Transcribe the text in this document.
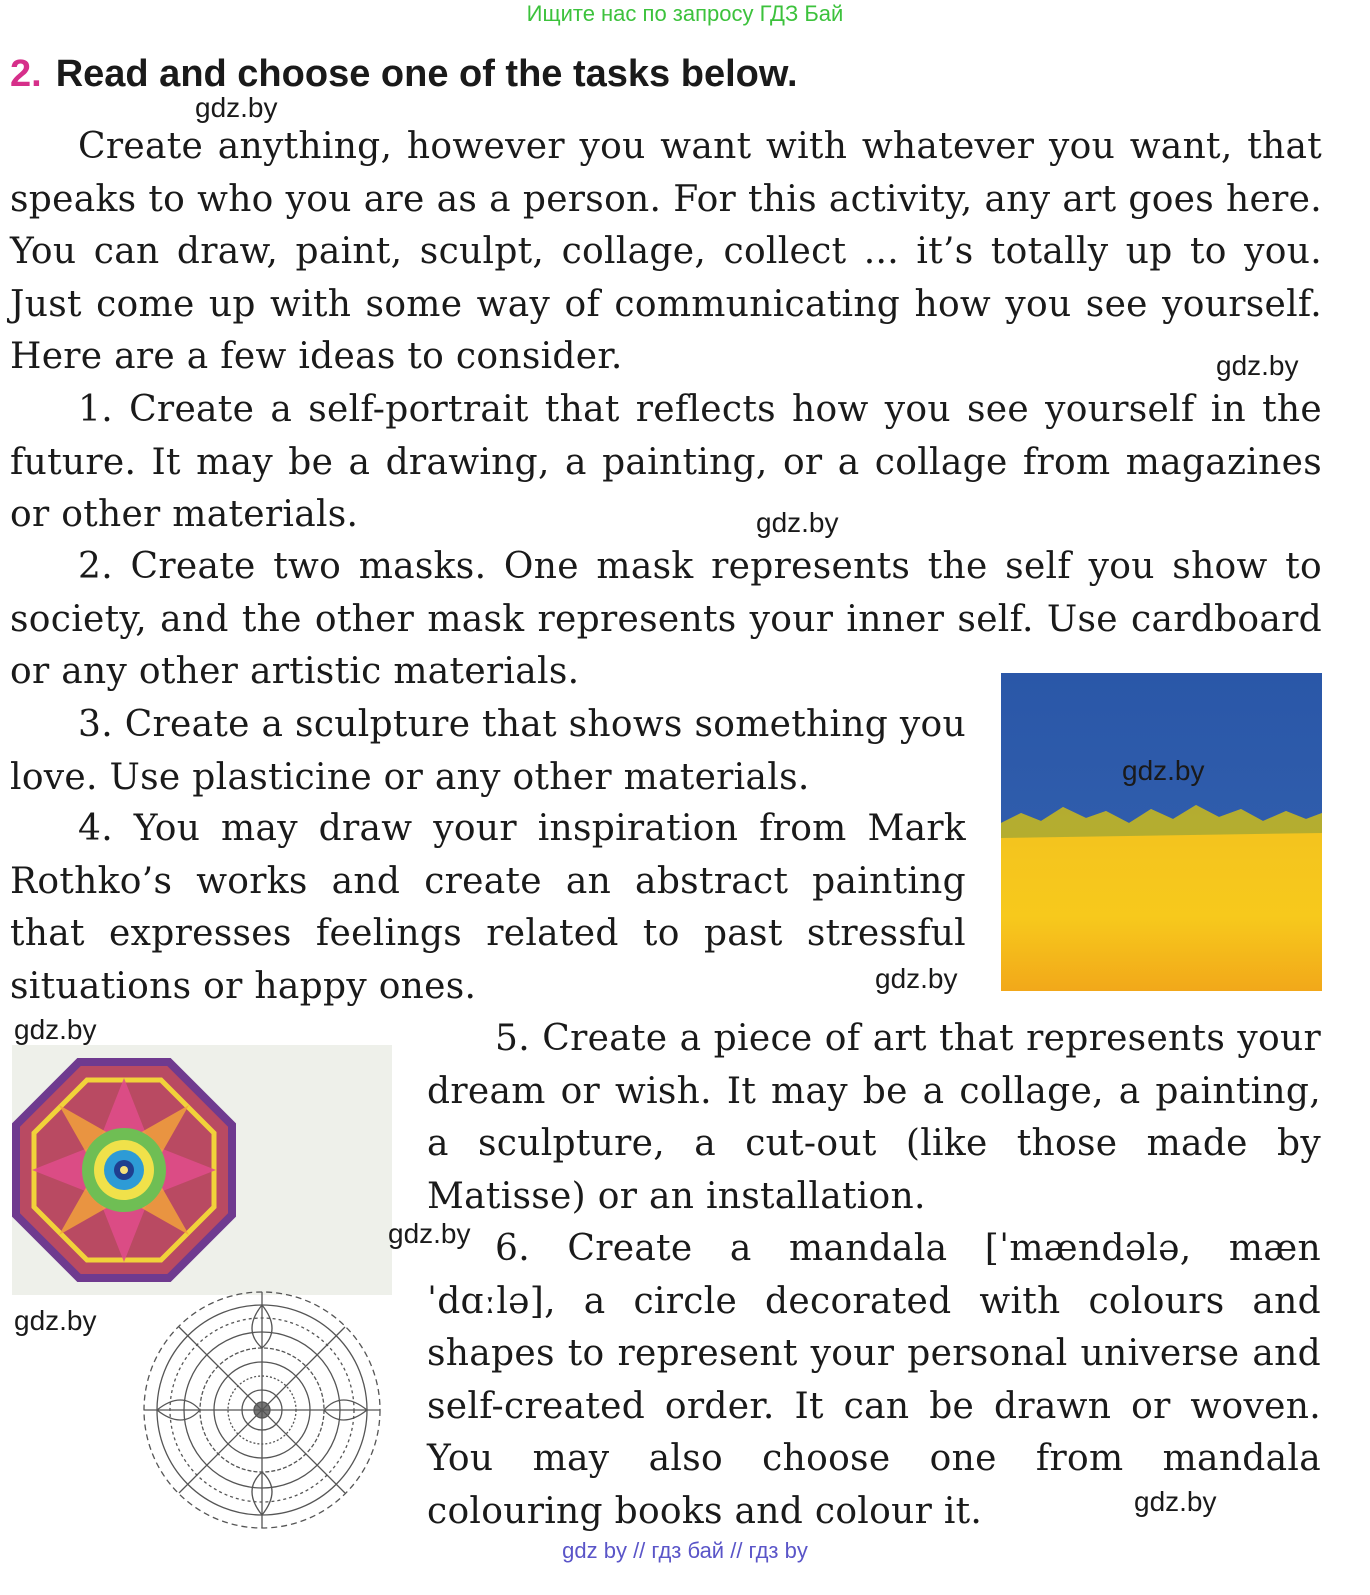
Ищите нас по запросу ГДЗ Бай
2. Read and choose one of the tasks below.

Create anything, however you want with whatever you want, that speaks to who you are as a person. For this activity, any art goes here. You can draw, paint, sculpt, collage, collect ... it’s totally up to you. Just come up with some way of communicating how you see yourself. Here are a few ideas to consider.

1. Create a self-portrait that reflects how you see yourself in the future. It may be a drawing, a painting, or a collage from magazines or other materials.

2. Create two masks. One mask represents the self you show to society, and the other mask represents your inner self. Use cardboard or any other artistic materials.

3. Create a sculpture that shows something you love. Use plasticine or any other materials.

4. You may draw your inspiration from Mark Rothko’s works and create an abstract painting that expresses feelings related to past stressful situations or happy ones.

5. Create a piece of art that represents your dream or wish. It may be a collage, a painting, a sculpture, a cut-out (like those made by Matisse) or an installation.

6. Create a mandala [ˈmændələ, mænˈdɑːlə], a circle decorated with colours and shapes to represent your personal universe and self-created order. It can be drawn or woven. You may also choose one from mandala colouring books and colour it.

gdz.by
gdz.by
gdz.by
gdz.by
gdz.by
gdz.by
gdz.by
gdz.by
gdz.by
gdz by // гдз бай // гдз by
